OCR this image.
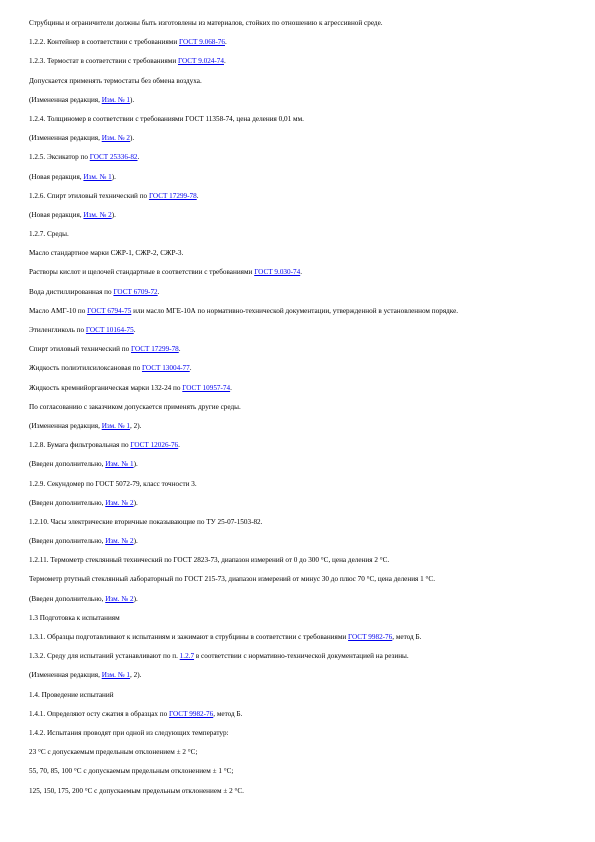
Струбцины и ограничители должны быть изготовлены из материалов, стойких по отношению к агрессивной среде.
1.2.2. Контейнер в соответствии с требованиями ГОСТ 9.068-76.
1.2.3. Термостат в соответствии с требованиями ГОСТ 9.024-74.
Допускается применять термостаты без обмена воздуха.
(Измененная редакция, Изм. № 1).
1.2.4. Толщиномер в соответствии с требованиями ГОСТ 11358-74, цена деления 0,01 мм.
(Измененная редакция, Изм. № 2).
1.2.5. Эксикатор по ГОСТ 25336-82.
(Новая редакция, Изм. № 1).
1.2.6. Спирт этиловый технический по ГОСТ 17299-78.
(Новая редакция, Изм. № 2).
1.2.7. Среды.
Масло стандартное марки СЖР-1, СЖР-2, СЖР-3.
Растворы кислот и щелочей стандартные в соответствии с требованиями ГОСТ 9.030-74.
Вода дистиллированная по ГОСТ 6709-72.
Масло АМГ-10 по ГОСТ 6794-75 или масло МГЕ-10А по нормативно-технической документации, утвержденной в установленном порядке.
Этиленгликоль по ГОСТ 10164-75.
Спирт этиловый технический по ГОСТ 17299-78.
Жидкость полиэтилсилоксановая по ГОСТ 13004-77.
Жидкость кремнийорганическая марки 132-24 по ГОСТ 10957-74.
По согласованию с заказчиком допускается применять другие среды.
(Измененная редакция, Изм. № 1, 2).
1.2.8. Бумага фильтровальная по ГОСТ 12026-76.
(Введен дополнительно, Изм. № 1).
1.2.9. Секундомер по ГОСТ 5072-79, класс точности 3.
(Введен дополнительно, Изм. № 2).
1.2.10. Часы электрические вторичные показывающие по ТУ 25-07-1503-82.
(Введен дополнительно, Изм. № 2).
1.2.11. Термометр стеклянный технический по ГОСТ 2823-73, диапазон измерений от 0 до 300 °С, цена деления 2 °С.
Термометр ртутный стеклянный лабораторный по ГОСТ 215-73, диапазон измерений от минус 30 до плюс 70 °С, цена деления 1 °С.
(Введен дополнительно, Изм. № 2).
1.3 Подготовка к испытаниям
1.3.1. Образцы подготавливают к испытаниям и зажимают в струбцины в соответствии с требованиями ГОСТ 9982-76, метод Б.
1.3.2. Среду для испытаний устанавливают по п. 1.2.7 в соответствии с нормативно-технической документацией на резины.
(Измененная редакция, Изм. № 1, 2).
1.4. Проведение испытаний
1.4.1. Определяют осту сжатия в образцах по ГОСТ 9982-76, метод Б.
1.4.2. Испытания проводят при одной из следующих температур:
23 °С с допускаемым предельным отклонением ± 2 °С;
55, 70, 85, 100 °С с допускаемым предельным отклонением ± 1 °С;
125, 150, 175, 200 °С с допускаемым предельным отклонением ± 2 °С.
